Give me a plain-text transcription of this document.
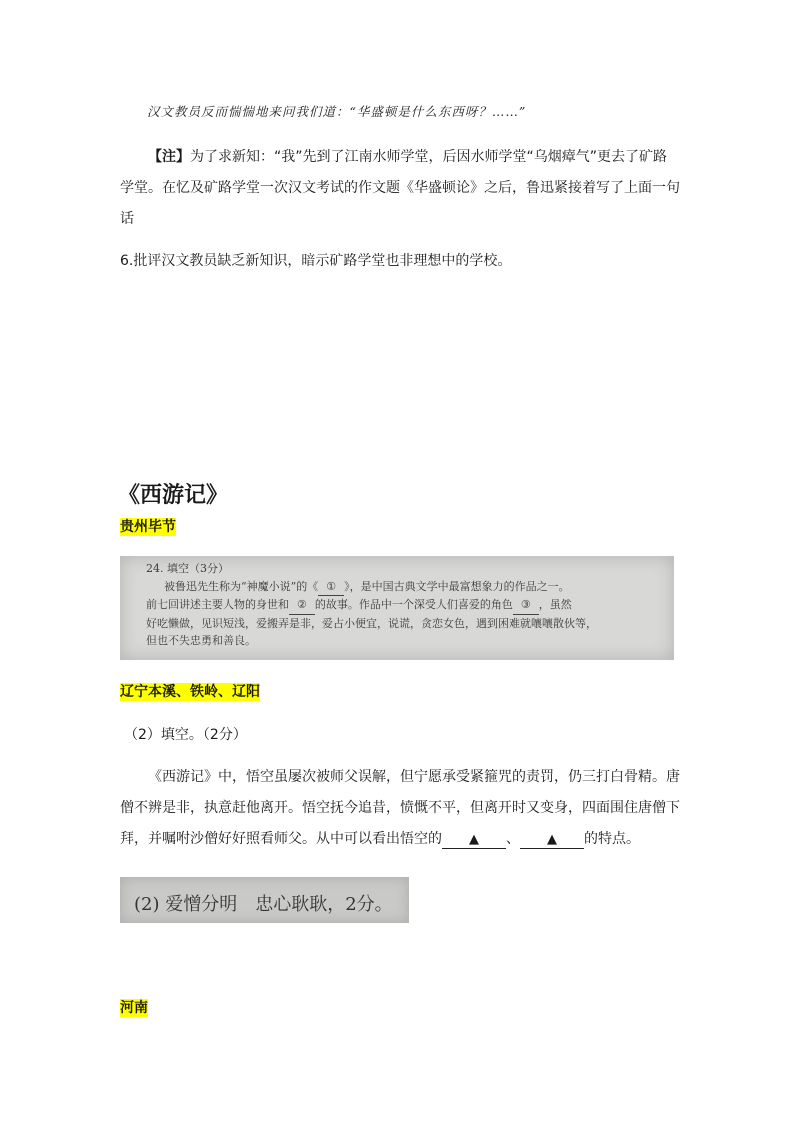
汉文教员反而惴惴地来问我们道：“华盛顿是什么东西呀？……”
【注】为了求新知：“我”先到了江南水师学堂，后因水师学堂“乌烟瘴气”更去了矿路学堂。在忆及矿路学堂一次汉文考试的作文题《华盛顿论》之后，鲁迅紧接着写了上面一句话
6.批评汉文教员缺乏新知识，暗示矿路学堂也非理想中的学校。
《西游记》
贵州毕节
24. 填空（3分）
被鲁迅先生称为“神魔小说”的《 ① 》，是中国古典文学中最富想象力的作品之一。
前七回讲述主要人物的身世和 ② 的故事。作品中一个深受人们喜爱的角色 ③ ，虽然
好吃懒做，见识短浅，爱搬弄是非，爱占小便宜，说谎，贪恋女色，遇到困难就嚷嚷散伙等，
但也不失忠勇和善良。
辽宁本溪、铁岭、辽阳
（2）填空。（2分）
《西游记》中，悟空虽屡次被师父误解，但宁愿承受紧箍咒的责罚，仍三打白骨精。唐僧不辨是非，执意赶他离开。悟空抚今追昔，愤慨不平，但离开时又变身，四面围住唐僧下拜，并嘱咐沙僧好好照看师父。从中可以看出悟空的 ▲ 、 ▲ 的特点。
(2) 爱憎分明　忠心耿耿，2分。
河南
